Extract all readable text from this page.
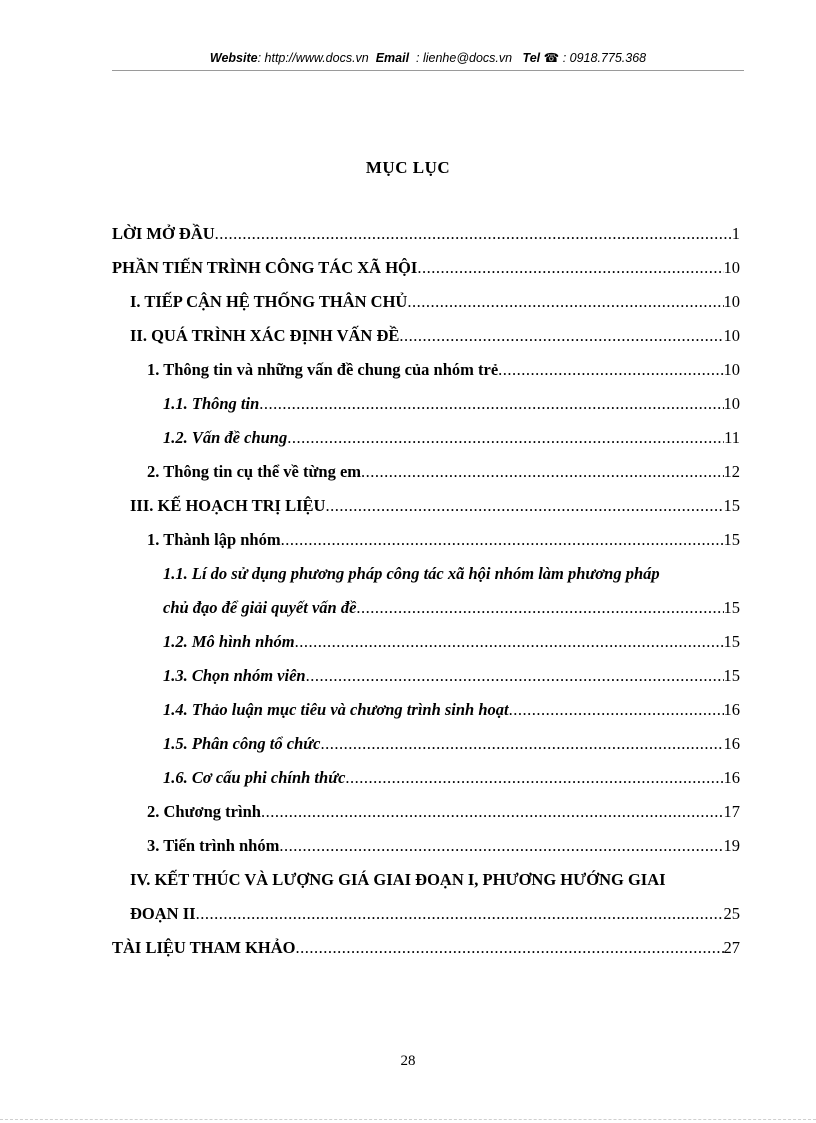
Website: http://www.docs.vn Email : lienhe@docs.vn Tel ☎ : 0918.775.368
MỤC LỤC
LỜI MỞ ĐẦU .....	1
PHẦN TIẾN TRÌNH CÔNG TÁC XÃ HỘI .....	10
I. TIẾP CẬN HỆ THỐNG THÂN CHỦ .....	10
II. QUÁ TRÌNH XÁC ĐỊNH VẤN ĐỀ .....	10
1. Thông tin và những vấn đề chung của nhóm trẻ .....	10
1.1. Thông tin .....	10
1.2. Vấn đề chung .....	11
2. Thông tin cụ thể về từng em .....	12
III. KẾ HOẠCH TRỊ LIỆU .....	15
1. Thành lập nhóm .....	15
1.1. Lí do sử dụng phương pháp công tác xã hội nhóm làm phương pháp
chủ đạo để giải quyết vấn đề .....	15
1.2. Mô hình nhóm .....	15
1.3. Chọn nhóm viên .....	15
1.4. Thảo luận mục tiêu và chương trình sinh hoạt .....	16
1.5. Phân công tổ chức .....	16
1.6. Cơ cấu phi chính thức .....	16
2. Chương trình .....	17
3. Tiến trình nhóm .....	19
IV. KẾT THÚC VÀ LƯỢNG GIÁ GIAI ĐOẠN I, PHƯƠNG HƯỚNG GIAI
ĐOẠN II .....	25
TÀI LIỆU THAM KHẢO .....	27
28
